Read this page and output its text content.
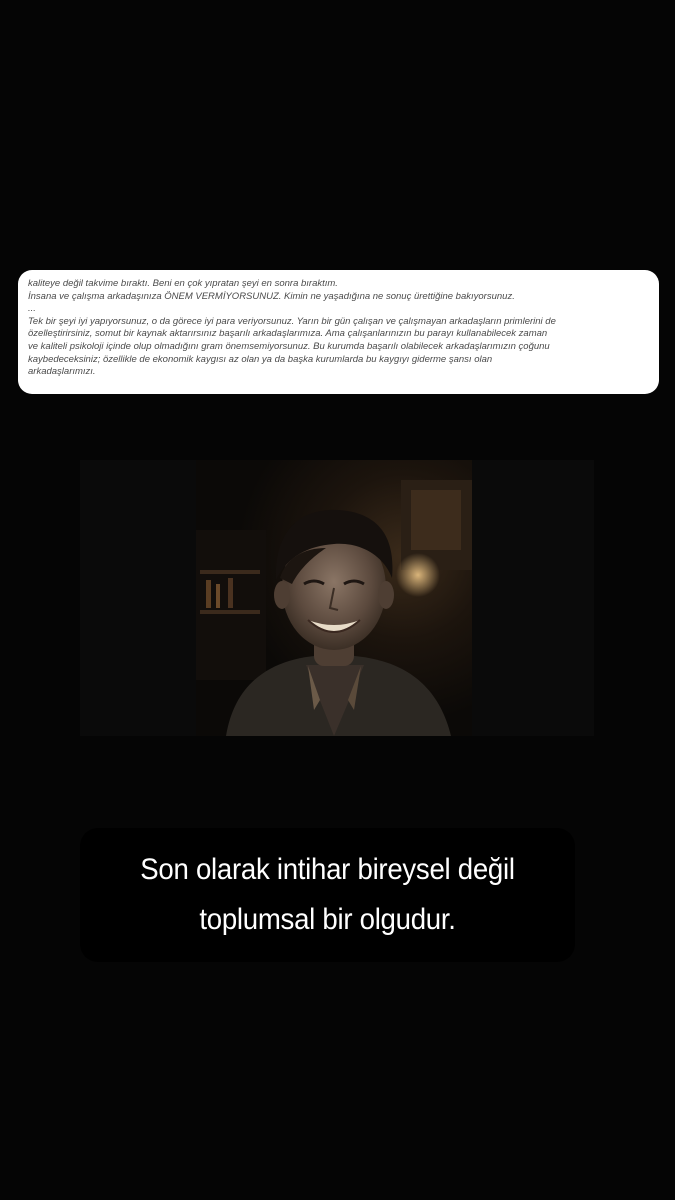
kaliteye değil takvime bıraktı. Beni en çok yıpratan şeyi en sonra bıraktım.
İnsana ve çalışma arkadaşınıza ÖNEM VERMİYORSUNUZ. Kimin ne yaşadığına ne sonuç ürettiğine bakıyorsunuz.
...
Tek bir şeyi iyi yapıyorsunuz, o da görece iyi para veriyorsunuz. Yarın bir gün çalışan ve çalışmayan arkadaşların primlerini de
özelleştirirsiniz, somut bir kaynak aktarırsınız başarılı arkadaşlarımıza. Ama çalışanlarınızın bu parayı kullanabilecek zaman
ve kaliteli psikoloji içinde olup olmadığını gram önemsemiyorsunuz. Bu kurumda başarılı olabilecek arkadaşlarımızın çoğunu
kaybedeceksiniz; özellikle de ekonomik kaygısı az olan ya da başka kurumlarda bu kaygıyı giderme şansı olan
arkadaşlarımızı.
Son olarak intihar bireysel değil
toplumsal bir olgudur.
